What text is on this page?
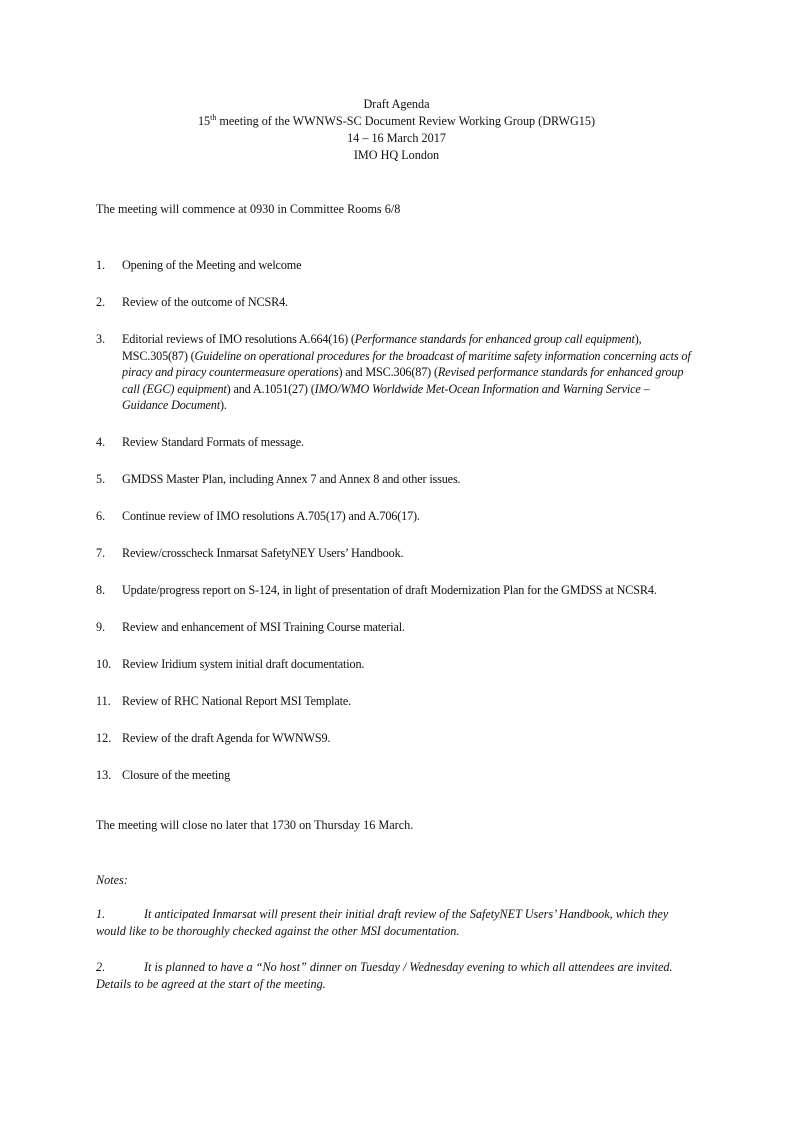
Draft Agenda
15th meeting of the WWNWS-SC Document Review Working Group (DRWG15)
14 – 16 March 2017
IMO HQ London
The meeting will commence at 0930 in Committee Rooms 6/8
1.	Opening of the Meeting and welcome
2.	Review of the outcome of NCSR4.
3.	Editorial reviews of IMO resolutions A.664(16) (Performance standards for enhanced group call equipment), MSC.305(87) (Guideline on operational procedures for the broadcast of maritime safety information concerning acts of piracy and piracy countermeasure operations) and MSC.306(87) (Revised performance standards for enhanced group call (EGC) equipment) and A.1051(27) (IMO/WMO Worldwide Met-Ocean Information and Warning Service – Guidance Document).
4.	Review Standard Formats of message.
5.	GMDSS Master Plan, including Annex 7 and Annex 8 and other issues.
6.	Continue review of IMO resolutions A.705(17) and A.706(17).
7.	Review/crosscheck Inmarsat SafetyNEY Users’ Handbook.
8.	Update/progress report on S-124, in light of presentation of draft Modernization Plan for the GMDSS at NCSR4.
9.	Review and enhancement of MSI Training Course material.
10. Review Iridium system initial draft documentation.
11. Review of RHC National Report MSI Template.
12. Review of the draft Agenda for WWNWS9.
13. Closure of the meeting
The meeting will close no later that 1730 on Thursday 16 March.
Notes:
1.	It anticipated Inmarsat will present their initial draft review of the SafetyNET Users’ Handbook, which they would like to be thoroughly checked against the other MSI documentation.
2.	It is planned to have a “No host” dinner on Tuesday / Wednesday evening to which all attendees are invited. Details to be agreed at the start of the meeting.
